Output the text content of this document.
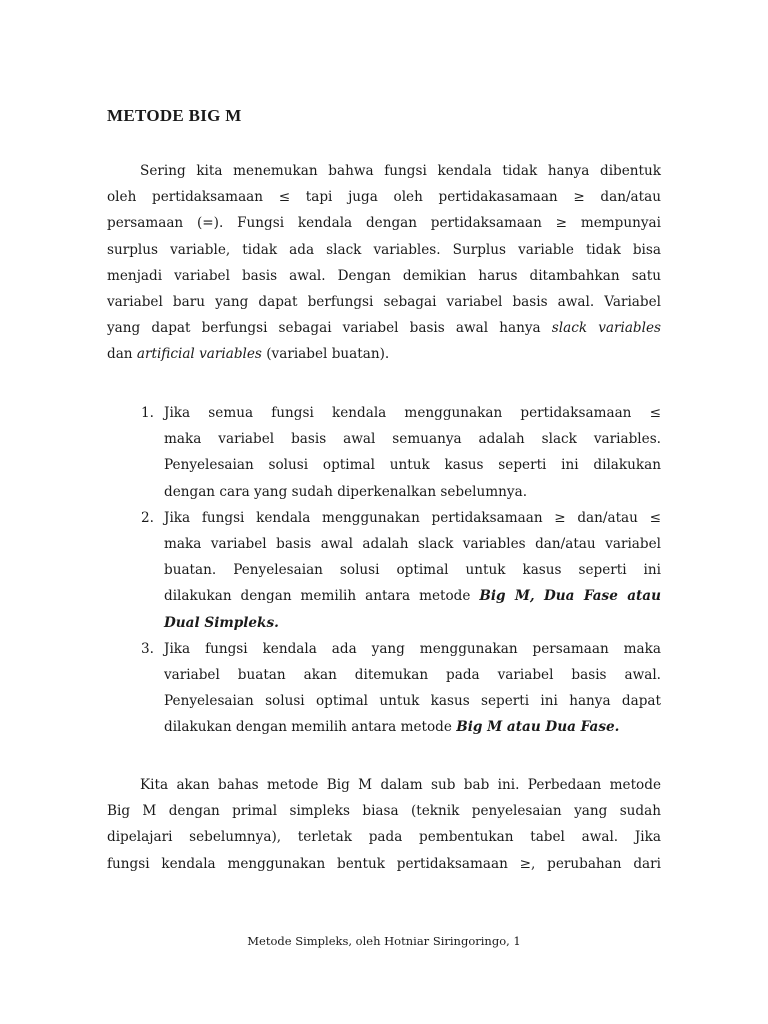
METODE BIG M
Sering kita menemukan bahwa fungsi kendala tidak hanya dibentuk
oleh pertidaksamaan ≤ tapi juga oleh pertidakasamaan ≥ dan/atau
persamaan (=). Fungsi kendala dengan pertidaksamaan ≥ mempunyai
surplus variable, tidak ada slack variables. Surplus variable tidak bisa
menjadi variabel basis awal. Dengan demikian harus ditambahkan satu
variabel baru yang dapat berfungsi sebagai variabel basis awal. Variabel
yang dapat berfungsi sebagai variabel basis awal hanya slack variables
dan artificial variables (variabel buatan).
1. Jika semua fungsi kendala menggunakan pertidaksamaan ≤
maka variabel basis awal semuanya adalah slack variables.
Penyelesaian solusi optimal untuk kasus seperti ini dilakukan
dengan cara yang sudah diperkenalkan sebelumnya.
2. Jika fungsi kendala menggunakan pertidaksamaan ≥ dan/atau ≤
maka variabel basis awal adalah slack variables dan/atau variabel
buatan. Penyelesaian solusi optimal untuk kasus seperti ini
dilakukan dengan memilih antara metode Big M, Dua Fase atau
Dual Simpleks.
3. Jika fungsi kendala ada yang menggunakan persamaan maka
variabel buatan akan ditemukan pada variabel basis awal.
Penyelesaian solusi optimal untuk kasus seperti ini hanya dapat
dilakukan dengan memilih antara metode Big M atau Dua Fase.
Kita akan bahas metode Big M dalam sub bab ini. Perbedaan metode
Big M dengan primal simpleks biasa (teknik penyelesaian yang sudah
dipelajari sebelumnya), terletak pada pembentukan tabel awal. Jika
fungsi kendala menggunakan bentuk pertidaksamaan ≥, perubahan dari

Metode Simpleks, oleh Hotniar Siringoringo, 1
